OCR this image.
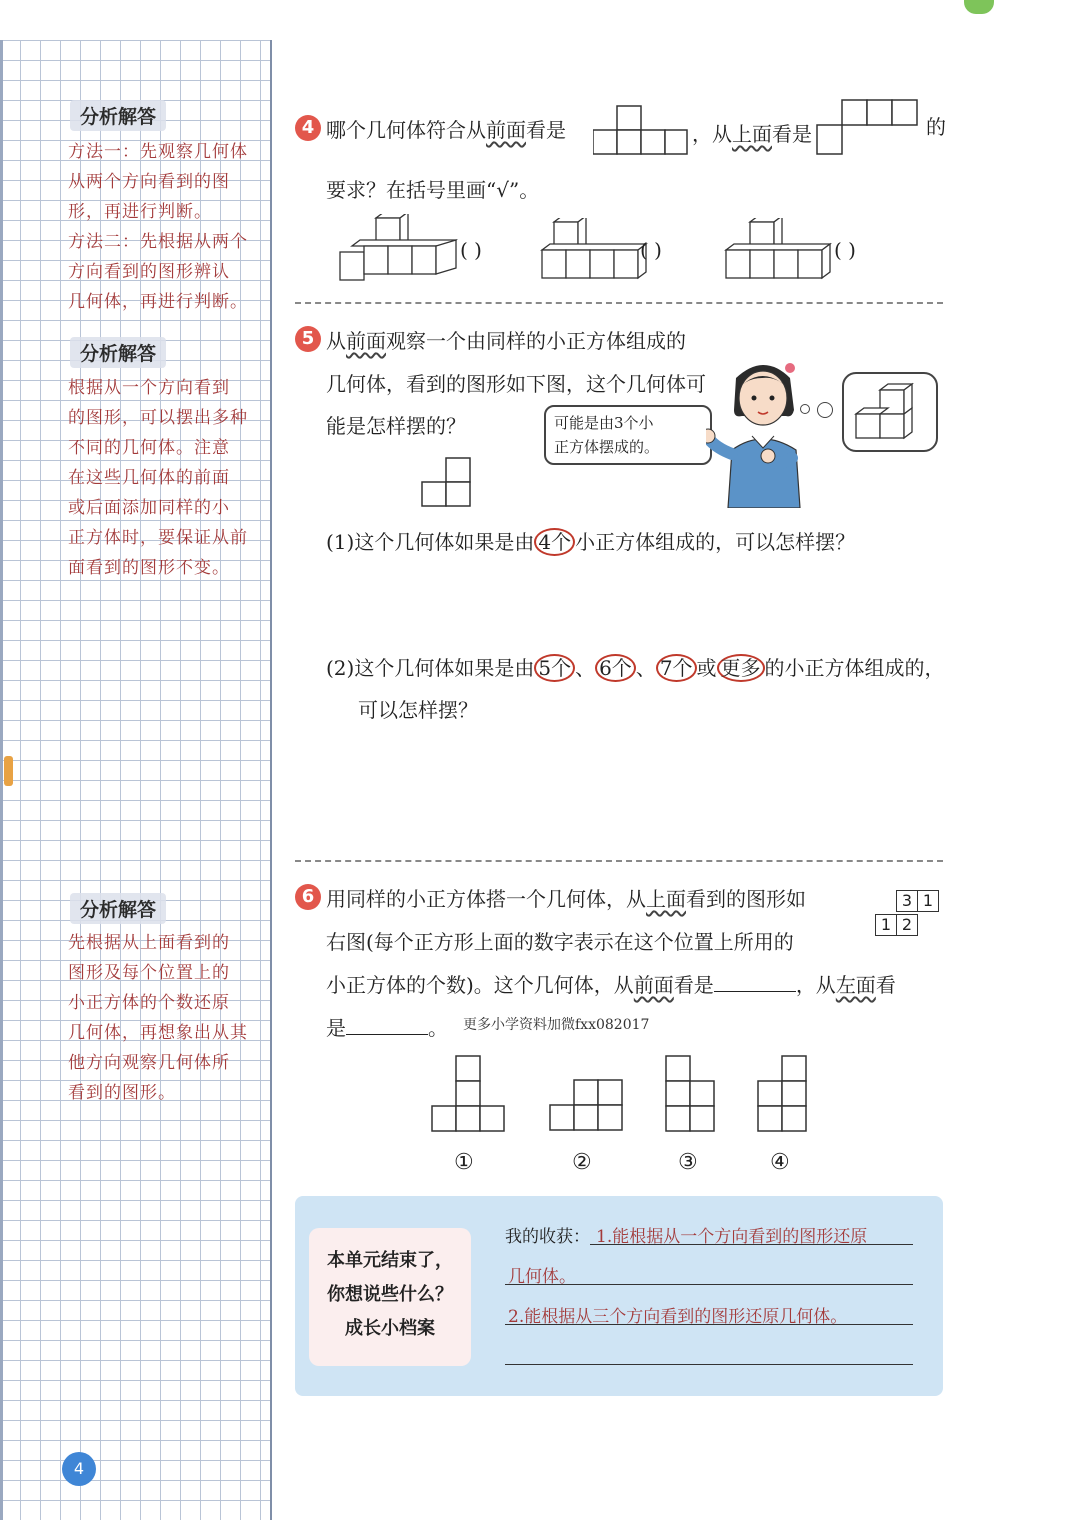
分析解答
方法一：先观察几何体
从两个方向看到的图
形，再进行判断。
方法二：先根据从两个
方向看到的图形辨认
几何体，再进行判断。
分析解答
根据从一个方向看到
的图形，可以摆出多种
不同的几何体。注意
在这些几何体的前面
或后面添加同样的小
正方体时，要保证从前
面看到的图形不变。
分析解答
先根据从上面看到的
图形及每个位置上的
小正方体的个数还原
几何体，再想象出从其
他方向观察几何体所
看到的图形。
4
4 哪个几何体符合从前面看是	，从上面看是	的
要求？在括号里画“√”。
( )	( )	( )
5 从前面观察一个由同样的小正方体组成的
几何体，看到的图形如下图，这个几何体可
能是怎样摆的？	可能是由3个小
正方体摆成的。
(1)这个几何体如果是由 4个 小正方体组成的，可以怎样摆？
(2)这个几何体如果是由 5个 、 6个 、 7个 或 更多 的小正方体组成的，
可以怎样摆？
6 用同样的小正方体搭一个几何体，从上面看到的图形如
右图(每个正方形上面的数字表示在这个位置上所用的
小正方体的个数)。这个几何体，从前面看是	，从左面看
是	。 更多小学资料加微fxx082017
3 1
1 2
①	②	③	④
本单元结束了，
你想说些什么？
成长小档案
我的收获： 1.能根据从一个方向看到的图形还原
几何体。
2.能根据从三个方向看到的图形还原几何体。
